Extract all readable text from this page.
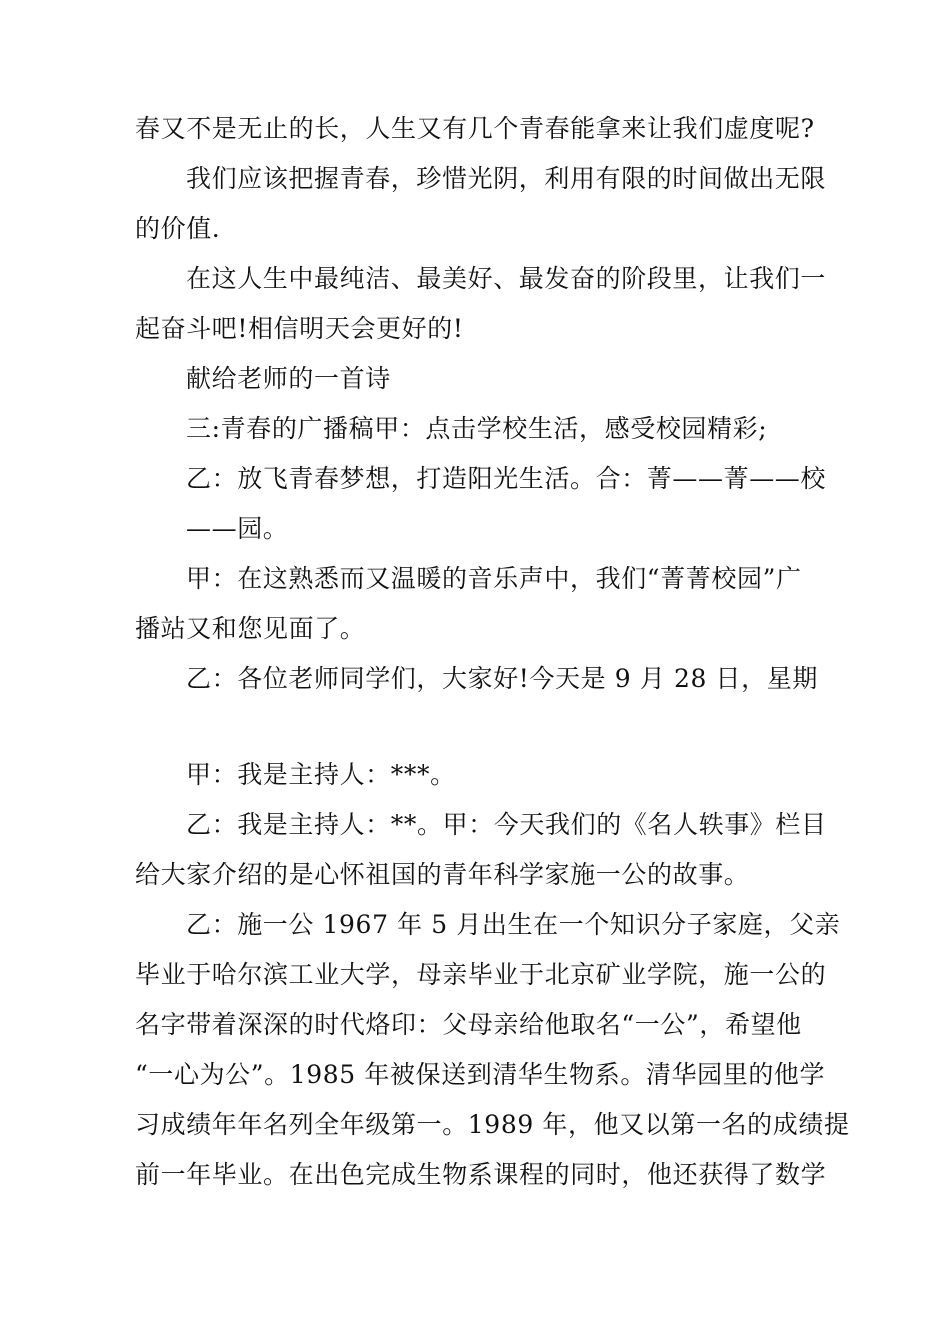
春又不是无止的长，人生又有几个青春能拿来让我们虚度呢?
我们应该把握青春，珍惜光阴，利用有限的时间做出无限
的价值.
在这人生中最纯洁、最美好、最发奋的阶段里，让我们一
起奋斗吧!相信明天会更好的!
献给老师的一首诗
三:青春的广播稿甲：点击学校生活，感受校园精彩;
乙：放飞青春梦想，打造阳光生活。合：菁——菁——校
——园。
甲：在这熟悉而又温暖的音乐声中，我们“菁菁校园”广
播站又和您见面了。
乙：各位老师同学们，大家好!今天是 9 月 28 日，星期
甲：我是主持人：***。
乙：我是主持人：**。甲：今天我们的《名人轶事》栏目
给大家介绍的是心怀祖国的青年科学家施一公的故事。
乙：施一公 1967 年 5 月出生在一个知识分子家庭，父亲
毕业于哈尔滨工业大学，母亲毕业于北京矿业学院，施一公的
名字带着深深的时代烙印：父母亲给他取名“一公”，希望他
“一心为公”。1985 年被保送到清华生物系。清华园里的他学
习成绩年年名列全年级第一。1989 年，他又以第一名的成绩提
前一年毕业。在出色完成生物系课程的同时，他还获得了数学
